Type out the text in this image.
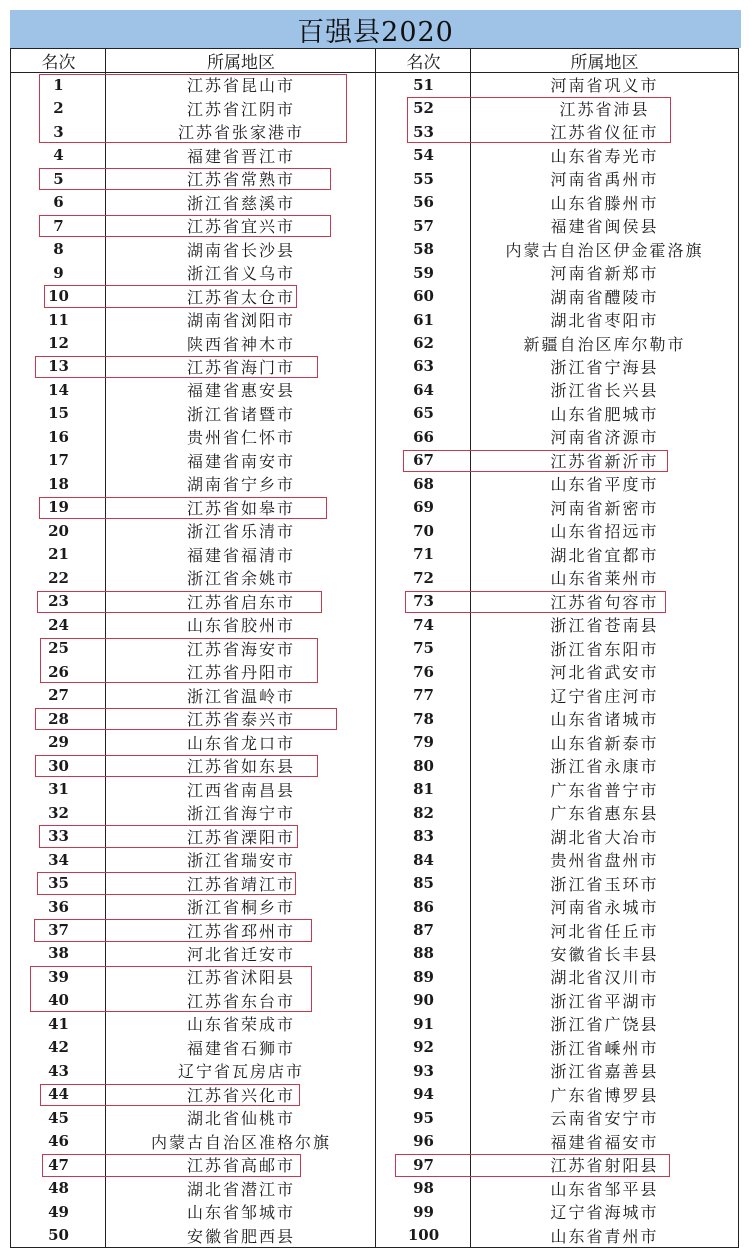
百强县2020
名次	所属地区	名次	所属地区
1	江苏省昆山市	51	河南省巩义市
2	江苏省江阴市	52	江苏省沛县
3	江苏省张家港市	53	江苏省仪征市
4	福建省晋江市	54	山东省寿光市
5	江苏省常熟市	55	河南省禹州市
6	浙江省慈溪市	56	山东省滕州市
7	江苏省宜兴市	57	福建省闽侯县
8	湖南省长沙县	58	内蒙古自治区伊金霍洛旗
9	浙江省义乌市	59	河南省新郑市
10	江苏省太仓市	60	湖南省醴陵市
11	湖南省浏阳市	61	湖北省枣阳市
12	陕西省神木市	62	新疆自治区库尔勒市
13	江苏省海门市	63	浙江省宁海县
14	福建省惠安县	64	浙江省长兴县
15	浙江省诸暨市	65	山东省肥城市
16	贵州省仁怀市	66	河南省济源市
17	福建省南安市	67	江苏省新沂市
18	湖南省宁乡市	68	山东省平度市
19	江苏省如皋市	69	河南省新密市
20	浙江省乐清市	70	山东省招远市
21	福建省福清市	71	湖北省宜都市
22	浙江省余姚市	72	山东省莱州市
23	江苏省启东市	73	江苏省句容市
24	山东省胶州市	74	浙江省苍南县
25	江苏省海安市	75	浙江省东阳市
26	江苏省丹阳市	76	河北省武安市
27	浙江省温岭市	77	辽宁省庄河市
28	江苏省泰兴市	78	山东省诸城市
29	山东省龙口市	79	山东省新泰市
30	江苏省如东县	80	浙江省永康市
31	江西省南昌县	81	广东省普宁市
32	浙江省海宁市	82	广东省惠东县
33	江苏省溧阳市	83	湖北省大冶市
34	浙江省瑞安市	84	贵州省盘州市
35	江苏省靖江市	85	浙江省玉环市
36	浙江省桐乡市	86	河南省永城市
37	江苏省邳州市	87	河北省任丘市
38	河北省迁安市	88	安徽省长丰县
39	江苏省沭阳县	89	湖北省汉川市
40	江苏省东台市	90	浙江省平湖市
41	山东省荣成市	91	浙江省广饶县
42	福建省石狮市	92	浙江省嵊州市
43	辽宁省瓦房店市	93	浙江省嘉善县
44	江苏省兴化市	94	广东省博罗县
45	湖北省仙桃市	95	云南省安宁市
46	内蒙古自治区准格尔旗	96	福建省福安市
47	江苏省高邮市	97	江苏省射阳县
48	湖北省潜江市	98	山东省邹平县
49	山东省邹城市	99	辽宁省海城市
50	安徽省肥西县	100	山东省青州市
